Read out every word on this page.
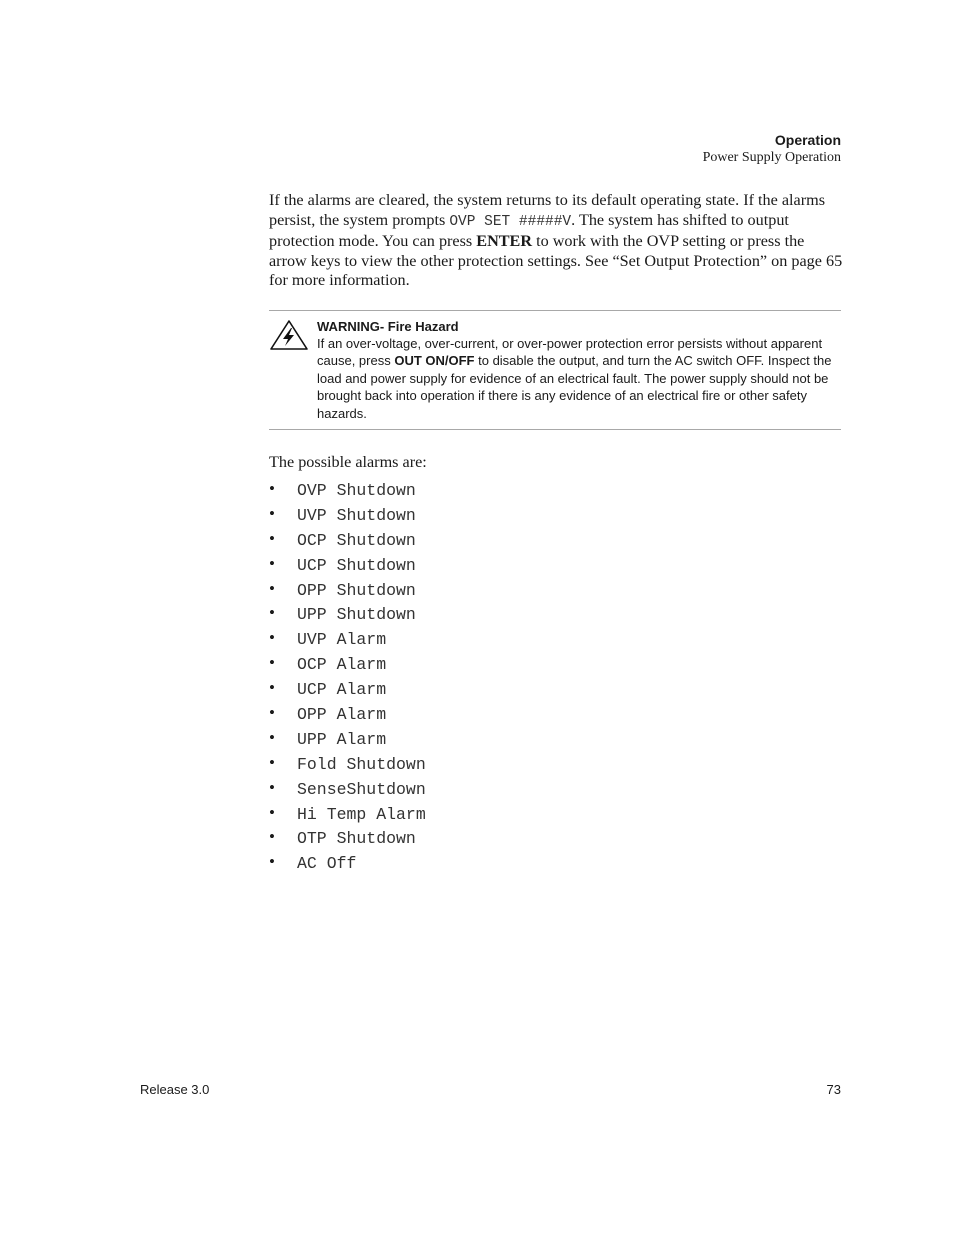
Operation
Power Supply Operation

If the alarms are cleared, the system returns to its default operating state. If the alarms persist, the system prompts OVP SET #####V. The system has shifted to output protection mode. You can press ENTER to work with the OVP setting or press the arrow keys to view the other protection settings. See “Set Output Protection” on page 65 for more information.

WARNING- Fire Hazard

If an over-voltage, over-current, or over-power protection error persists without apparent cause, press OUT ON/OFF to disable the output, and turn the AC switch OFF. Inspect the load and power supply for evidence of an electrical fault. The power supply should not be brought back into operation if there is any evidence of an electrical fire or other safety hazards.

The possible alarms are:
• OVP Shutdown
• UVP Shutdown
• OCP Shutdown
• UCP Shutdown
• OPP Shutdown
• UPP Shutdown
• UVP Alarm
• OCP Alarm
• UCP Alarm
• OPP Alarm
• UPP Alarm
• Fold Shutdown
• SenseShutdown
• Hi Temp Alarm
• OTP Shutdown
• AC Off
Release 3.0	73
